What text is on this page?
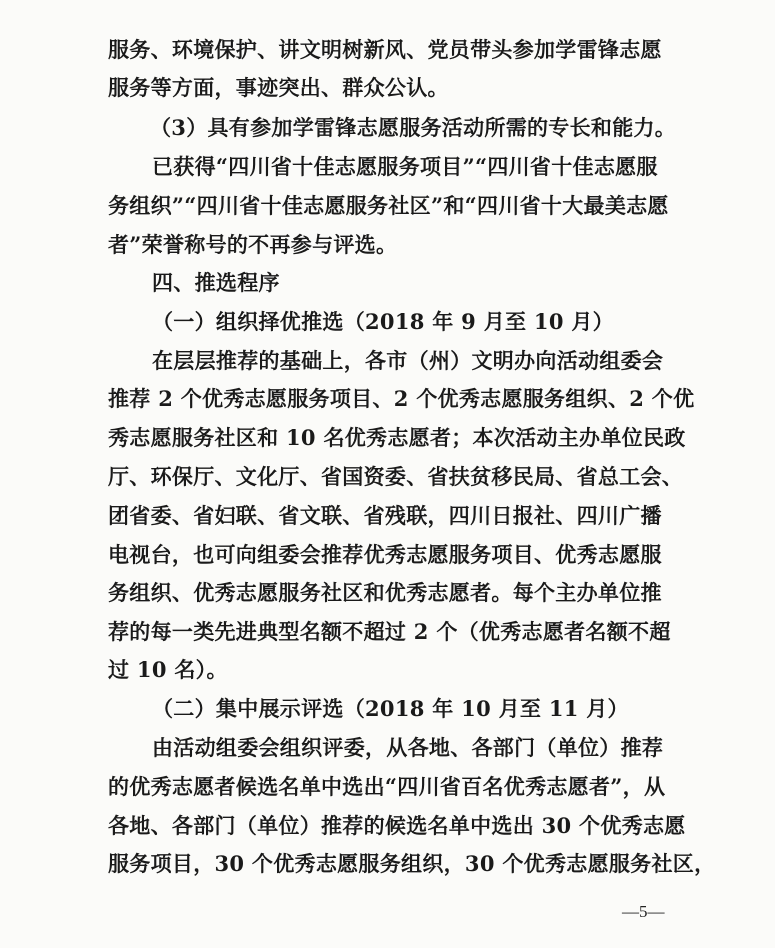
服务、环境保护、讲文明树新风、党员带头参加学雷锋志愿
服务等方面，事迹突出、群众公认。
（3）具有参加学雷锋志愿服务活动所需的专长和能力。
已获得“四川省十佳志愿服务项目”“四川省十佳志愿服
务组织”“四川省十佳志愿服务社区”和“四川省十大最美志愿
者”荣誉称号的不再参与评选。
四、推选程序
（一）组织择优推选（2018 年 9 月至 10 月）
在层层推荐的基础上，各市（州）文明办向活动组委会
推荐 2 个优秀志愿服务项目、2 个优秀志愿服务组织、2 个优
秀志愿服务社区和 10 名优秀志愿者；本次活动主办单位民政
厅、环保厅、文化厅、省国资委、省扶贫移民局、省总工会、
团省委、省妇联、省文联、省残联，四川日报社、四川广播
电视台，也可向组委会推荐优秀志愿服务项目、优秀志愿服
务组织、优秀志愿服务社区和优秀志愿者。每个主办单位推
荐的每一类先进典型名额不超过 2 个（优秀志愿者名额不超
过 10 名）。
（二）集中展示评选（2018 年 10 月至 11 月）
由活动组委会组织评委，从各地、各部门（单位）推荐
的优秀志愿者候选名单中选出“四川省百名优秀志愿者”，从
各地、各部门（单位）推荐的候选名单中选出 30 个优秀志愿
服务项目，30 个优秀志愿服务组织，30 个优秀志愿服务社区，
—5—
